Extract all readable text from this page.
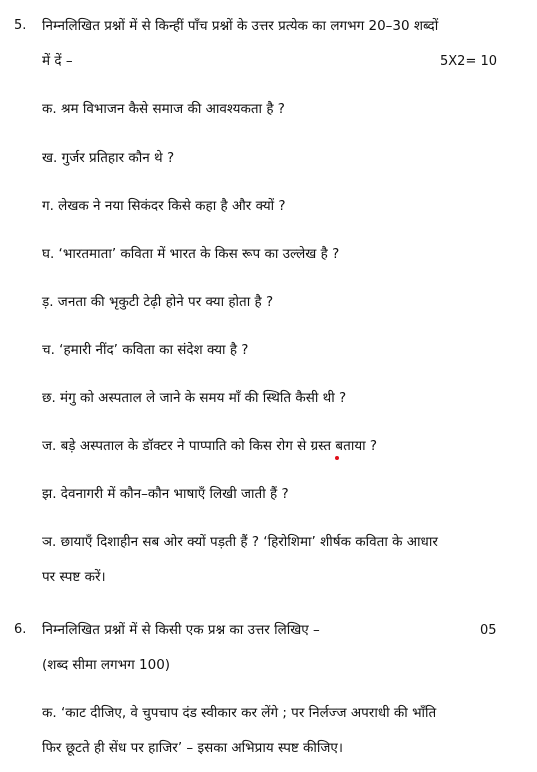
5. निम्नलिखित प्रश्नों में से किन्हीं पाँच प्रश्नों के उत्तर प्रत्येक का लगभग 20–30 शब्दों
में दें –	5X2= 10
क. श्रम विभाजन कैसे समाज की आवश्यकता है ?
ख. गुर्जर प्रतिहार कौन थे ?
ग. लेखक ने नया सिकंदर किसे कहा है और क्यों ?
घ. ‘भारतमाता’ कविता में भारत के किस रूप का उल्लेख है ?
ड़. जनता की भृकुटी टेढ़ी होने पर क्या होता है ?
च. ‘हमारी नींद’ कविता का संदेश क्या है ?
छ. मंगु को अस्पताल ले जाने के समय माँ की स्थिति कैसी थी ?
ज. बड़े अस्पताल के डॉक्टर ने पाप्पाति को किस रोग से ग्रस्त बताया ?
झ. देवनागरी में कौन–कौन भाषाएँ लिखी जाती हैं ?
ञ. छायाएँ दिशाहीन सब ओर क्यों पड़ती हैं ? ‘हिरोशिमा’ शीर्षक कविता के आधार
पर स्पष्ट करें।
6. निम्नलिखित प्रश्नों में से किसी एक प्रश्न का उत्तर लिखिए –	05
(शब्द सीमा लगभग 100)
क. ‘काट दीजिए, वे चुपचाप दंड स्वीकार कर लेंगे ; पर निर्लज्ज अपराधी की भाँति
फिर छूटते ही सेंध पर हाजिर’ – इसका अभिप्राय स्पष्ट कीजिए।
